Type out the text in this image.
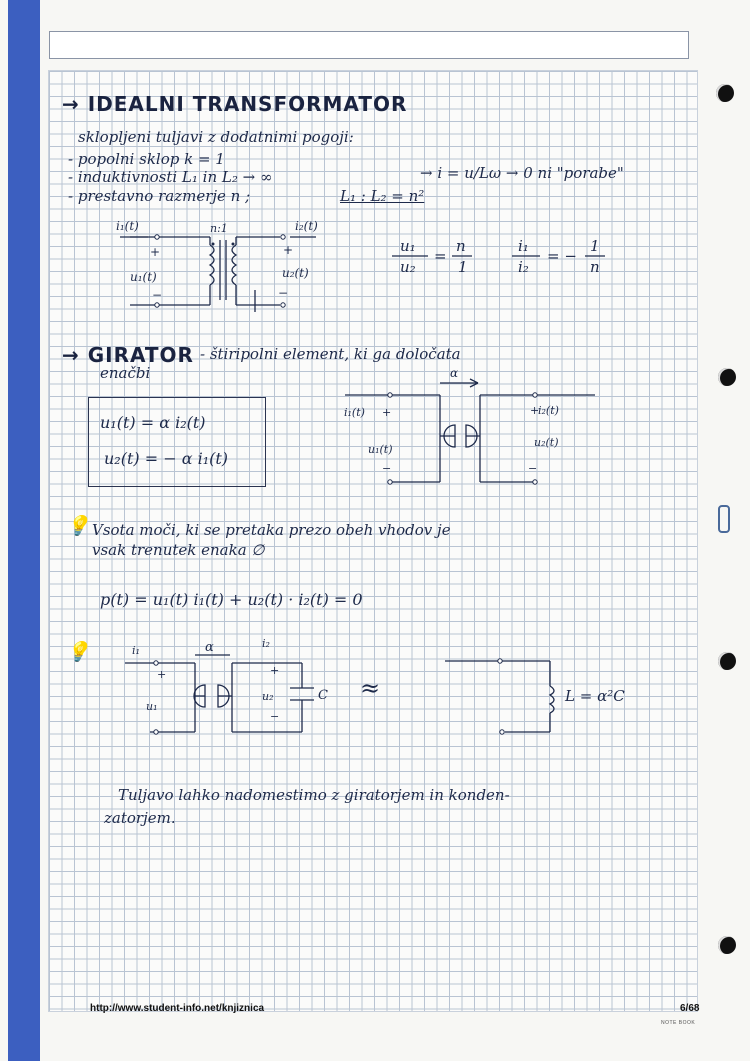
→ IDEALNI TRANSFORMATOR
sklopljeni tuljavi z dodatnimi pogoji:
- popolni sklop k = 1
- induktivnosti L₁ in L₂ → ∞	→ i = u/Lω → 0 ni "porabe"
- prestavno razmerje n ;	L₁ : L₂ = n²
i₁(t)	n:1	i₂(t)
+	+
u₁(t)	u₂(t)
−	−
u₁
u₂
=
n
1
i₁
i₂
= −
1
n
→ GIRATOR - štiripolni element, ki ga določata
enačbi
u₁(t) = α i₂(t)
u₂(t) = − α i₁(t)
α
i₁(t) +	+
i₂(t)
u₁(t)
u₂(t)
−	−
💡 Vsota moči, ki se pretaka prezo obeh vhodov je
vsak trenutek enaka ∅
p(t) = u₁(t) i₁(t) + u₂(t) · i₂(t) = 0
💡	i₁	α	i₂
+	+
u₁
u₂
−
C ≈	L = α²C
Tuljavo lahko nadomestimo z giratorjem in konden-
zatorjem.
http://www.student-info.net/knjiznica	6/68
NOTE BOOK
